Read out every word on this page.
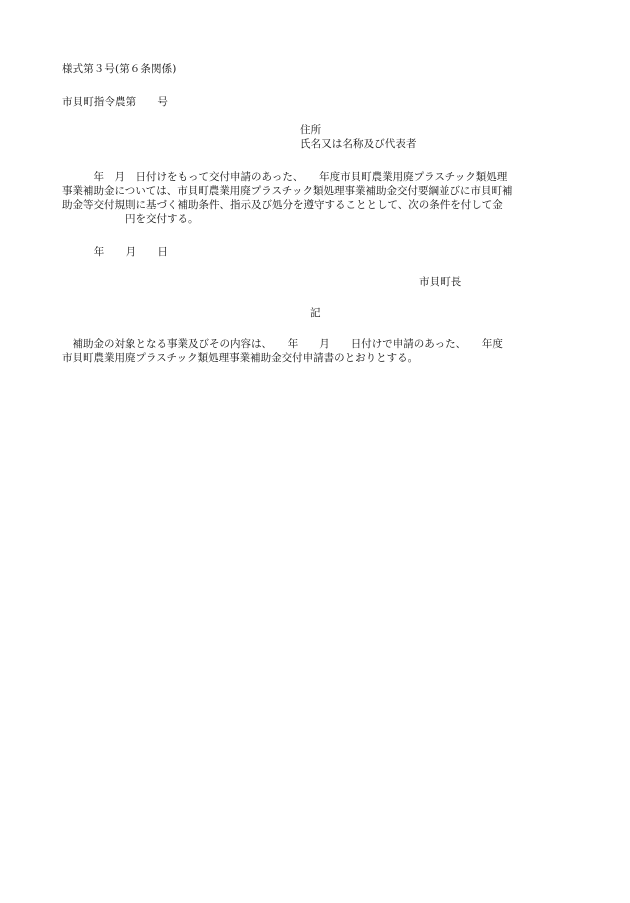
様式第３号(第６条関係)
市貝町指令農第　　号
住所
氏名又は名称及び代表者
　　　年　月　日付けをもって交付申請のあった、　　年度市貝町農業用廃プラスチック類処理
事業補助金については、市貝町農業用廃プラスチック類処理事業補助金交付要綱並びに市貝町補
助金等交付規則に基づく補助条件、指示及び処分を遵守することとして、次の条件を付して金
　　　　　　円を交付する。
　　　年　　月　　日
市貝町長
記
　補助金の対象となる事業及びその内容は、　　年　　月　　日付けで申請のあった、　　年度
市貝町農業用廃プラスチック類処理事業補助金交付申請書のとおりとする。
